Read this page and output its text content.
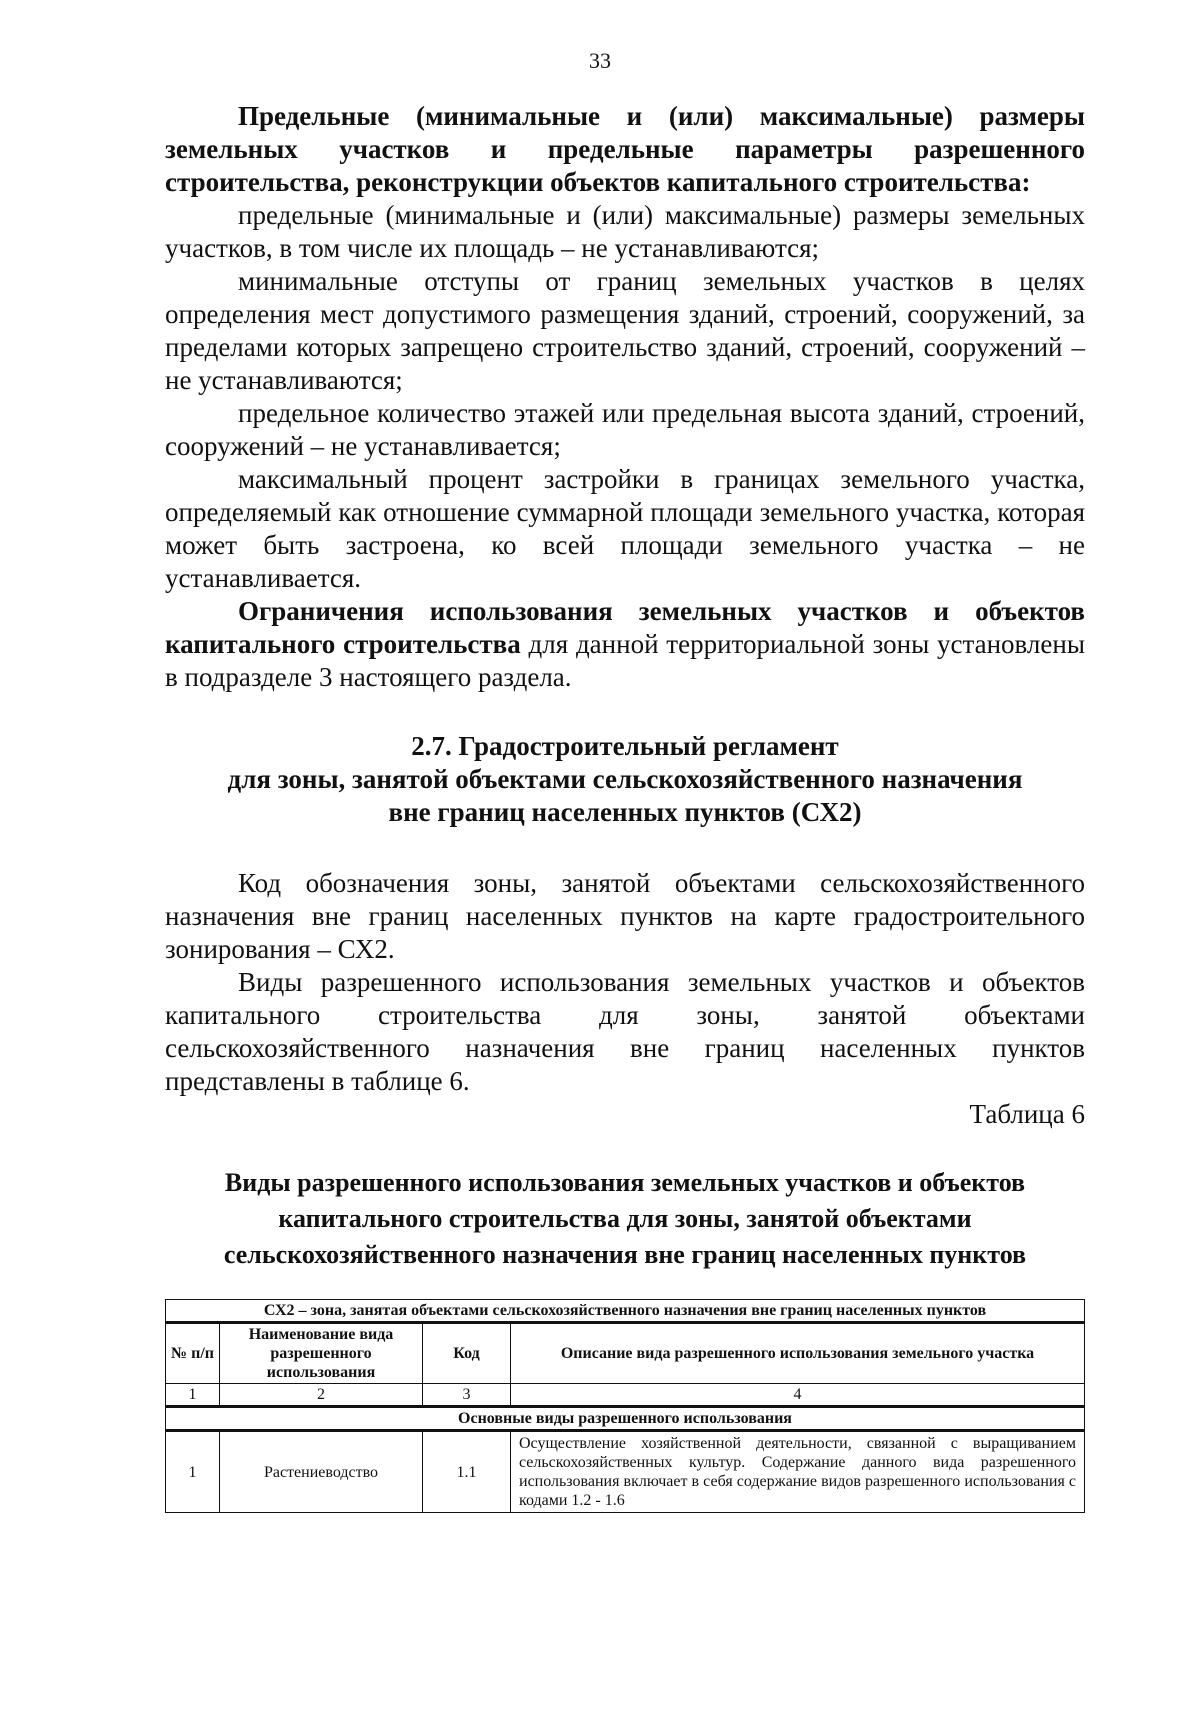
33

Предельные (минимальные и (или) максимальные) размеры земельных участков и предельные параметры разрешенного строительства, реконструкции объектов капитального строительства:

предельные (минимальные и (или) максимальные) размеры земельных участков, в том числе их площадь – не устанавливаются;

минимальные отступы от границ земельных участков в целях определения мест допустимого размещения зданий, строений, сооружений, за пределами которых запрещено строительство зданий, строений, сооружений – не устанавливаются;

предельное количество этажей или предельная высота зданий, строений, сооружений – не устанавливается;

максимальный процент застройки в границах земельного участка, определяемый как отношение суммарной площади земельного участка, которая может быть застроена, ко всей площади земельного участка – не устанавливается.

Ограничения использования земельных участков и объектов капитального строительства для данной территориальной зоны установлены в подразделе 3 настоящего раздела.

2.7. Градостроительный регламент
для зоны, занятой объектами сельскохозяйственного назначения
вне границ населенных пунктов (СХ2)

Код обозначения зоны, занятой объектами сельскохозяйственного назначения вне границ населенных пунктов на карте градостроительного зонирования – СХ2.

Виды разрешенного использования земельных участков и объектов капитального строительства для зоны, занятой объектами сельскохозяйственного назначения вне границ населенных пунктов представлены в таблице 6.

Таблица 6

Виды разрешенного использования земельных участков и объектов
капитального строительства для зоны, занятой объектами
сельскохозяйственного назначения вне границ населенных пунктов
СХ2 – зона, занятая объектами сельскохозяйственного назначения вне границ населенных пунктов			
№ п/п	Наименование вида разрешенного использования	Код	Описание вида разрешенного использования земельного участка
1	2	3	4
Основные виды разрешенного использования			
1	Растениеводство	1.1	Осуществление хозяйственной деятельности, связанной с выращиванием сельскохозяйственных культур. Содержание данного вида разрешенного использования включает в себя содержание видов разрешенного использования с кодами 1.2 - 1.6
